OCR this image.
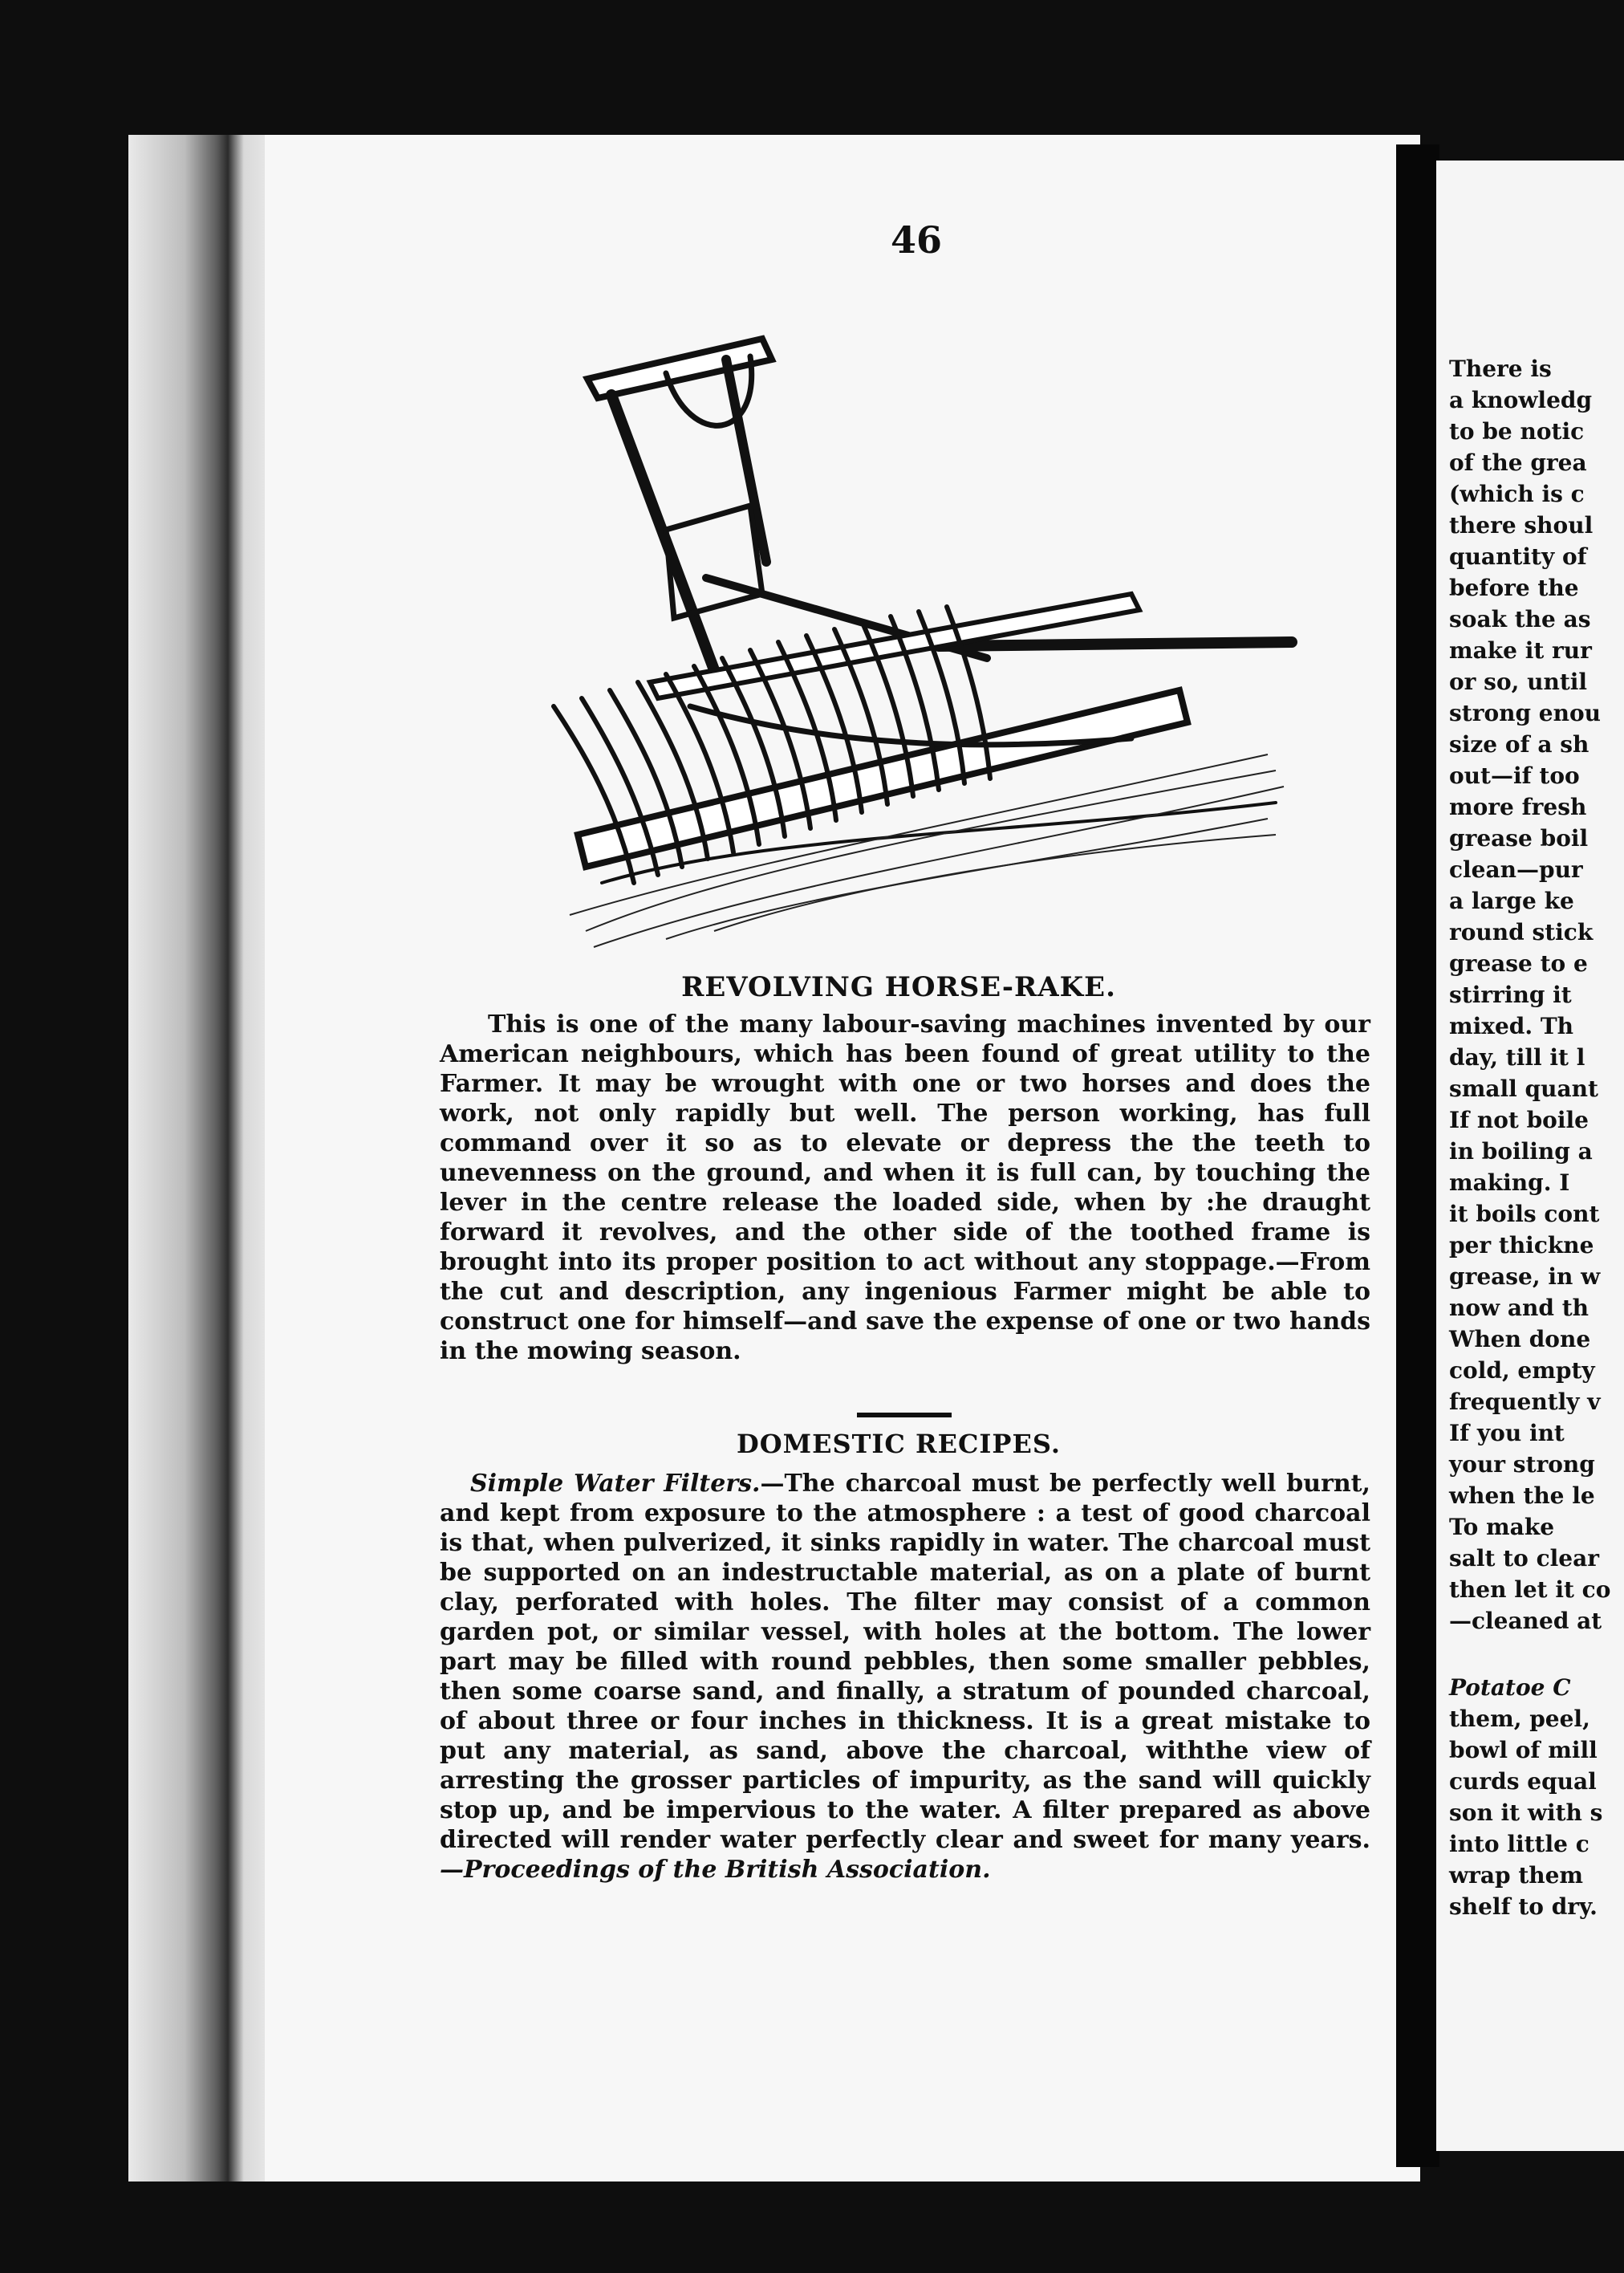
46
REVOLVING HORSE-RAKE.
This is one of the many labour-saving machines invented by our American neighbours, which has been found of great utility to the Farmer. It may be wrought with one or two horses and does the work, not only rapidly but well. The person working, has full command over it so as to elevate or depress the the teeth to unevenness on the ground, and when it is full can, by touching the lever in the centre release the loaded side, when by :he draught forward it revolves, and the other side of the toothed frame is brought into its proper position to act without any stoppage.—From the cut and description, any ingenious Farmer might be able to construct one for himself—and save the expense of one or two hands in the mowing season.
DOMESTIC RECIPES.
Simple Water Filters.—The charcoal must be perfectly well burnt, and kept from exposure to the atmosphere : a test of good charcoal is that, when pulverized, it sinks rapidly in water. The charcoal must be supported on an indestructable material, as on a plate of burnt clay, perforated with holes. The filter may consist of a common garden pot, or similar vessel, with holes at the bottom. The lower part may be filled with round pebbles, then some smaller pebbles, then some coarse sand, and finally, a stratum of pounded charcoal, of about three or four inches in thickness. It is a great mistake to put any material, as sand, above the charcoal, withthe view of arresting the grosser particles of impurity, as the sand will quickly stop up, and be impervious to the water. A filter prepared as above directed will render water perfectly clear and sweet for many years.—Proceedings of the British Association.
There is
a knowledg
to be notic
of the grea
(which is c
there shoul
quantity of
before the
soak the as
make it rur
or so, until
strong enou
size of a sh
out—if too
more fresh
grease boil
clean—pur
a large ke
round stick
grease to e
stirring it
mixed. Th
day, till it l
small quant
If not boile
in boiling a
making. I
it boils cont
per thickne
grease, in w
now and th
When done
cold, empty
frequently v
If you int
your strong
when the le
To make
salt to clear
then let it co
—cleaned at
Potatoe C
them, peel,
bowl of mill
curds equal
son it with s
into little c
wrap them
shelf to dry.
